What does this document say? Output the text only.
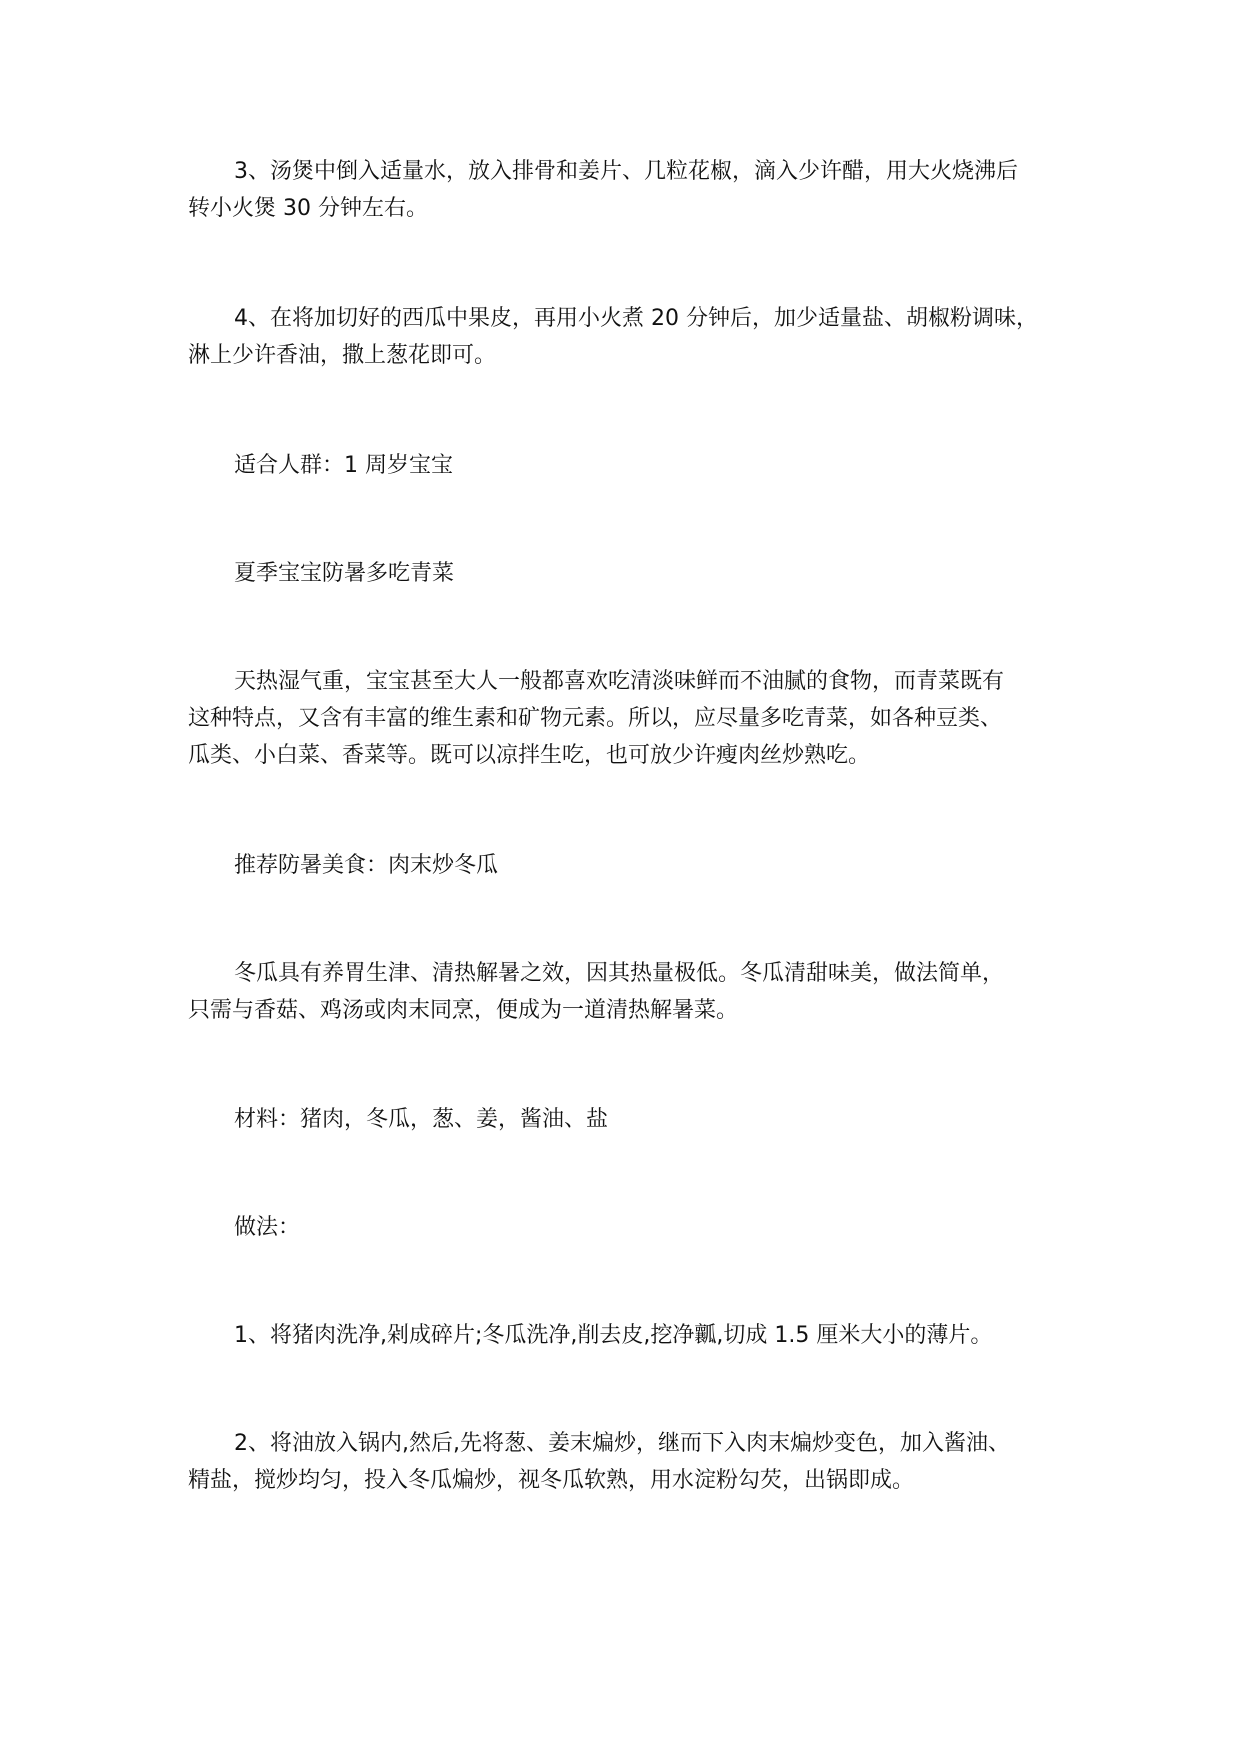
3、汤煲中倒入适量水，放入排骨和姜片、几粒花椒，滴入少许醋，用大火烧沸后
转小火煲 30 分钟左右。

4、在将加切好的西瓜中果皮，再用小火煮 20 分钟后，加少适量盐、胡椒粉调味，
淋上少许香油，撒上葱花即可。

适合人群：1 周岁宝宝

夏季宝宝防暑多吃青菜

天热湿气重，宝宝甚至大人一般都喜欢吃清淡味鲜而不油腻的食物，而青菜既有
这种特点，又含有丰富的维生素和矿物元素。所以，应尽量多吃青菜，如各种豆类、
瓜类、小白菜、香菜等。既可以凉拌生吃，也可放少许瘦肉丝炒熟吃。

推荐防暑美食：肉末炒冬瓜

冬瓜具有养胃生津、清热解暑之效，因其热量极低。冬瓜清甜味美，做法简单，
只需与香菇、鸡汤或肉末同烹，便成为一道清热解暑菜。

材料：猪肉，冬瓜，葱、姜，酱油、盐

做法：

1、将猪肉洗净,剁成碎片;冬瓜洗净,削去皮,挖净瓤,切成 1.5 厘米大小的薄片。

2、将油放入锅内,然后,先将葱、姜末煸炒，继而下入肉末煸炒变色，加入酱油、
精盐，搅炒均匀，投入冬瓜煸炒，视冬瓜软熟，用水淀粉勾芡，出锅即成。
